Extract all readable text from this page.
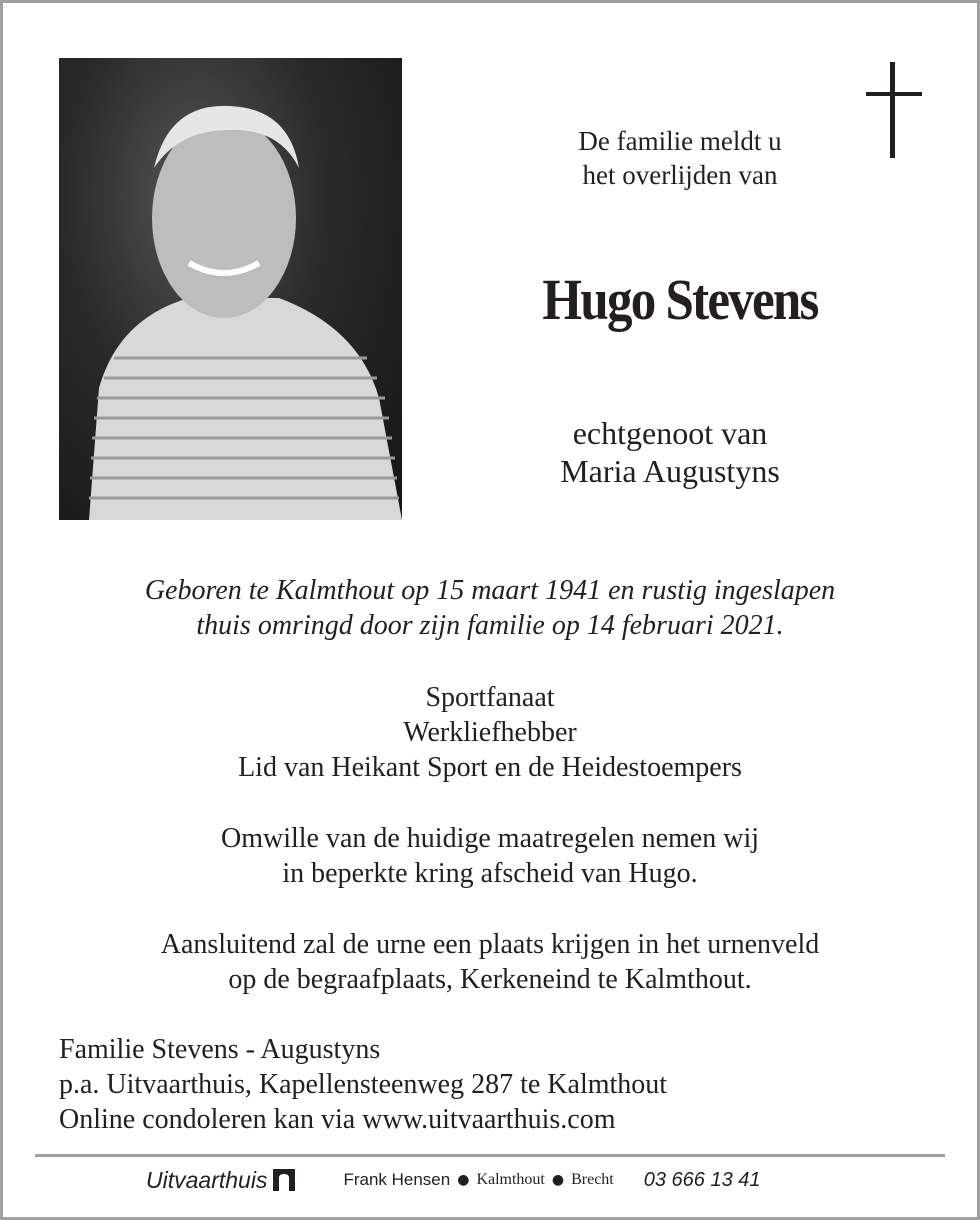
De familie meldt u
het overlijden van
Hugo Stevens
echtgenoot van
Maria Augustyns
Geboren te Kalmthout op 15 maart 1941 en rustig ingeslapen
thuis omringd door zijn familie op 14 februari 2021.
Sportfanaat
Werkliefhebber
Lid van Heikant Sport en de Heidestoempers
Omwille van de huidige maatregelen nemen wij
in beperkte kring afscheid van Hugo.
Aansluitend zal de urne een plaats krijgen in het urnenveld
op de begraafplaats, Kerkeneind te Kalmthout.
Familie Stevens - Augustyns
p.a. Uitvaarthuis, Kapellensteenweg 287 te Kalmthout
Online condoleren kan via www.uitvaarthuis.com
Uitvaarthuis	Frank Hensen ● Kalmthout ● Brecht 03 666 13 41
